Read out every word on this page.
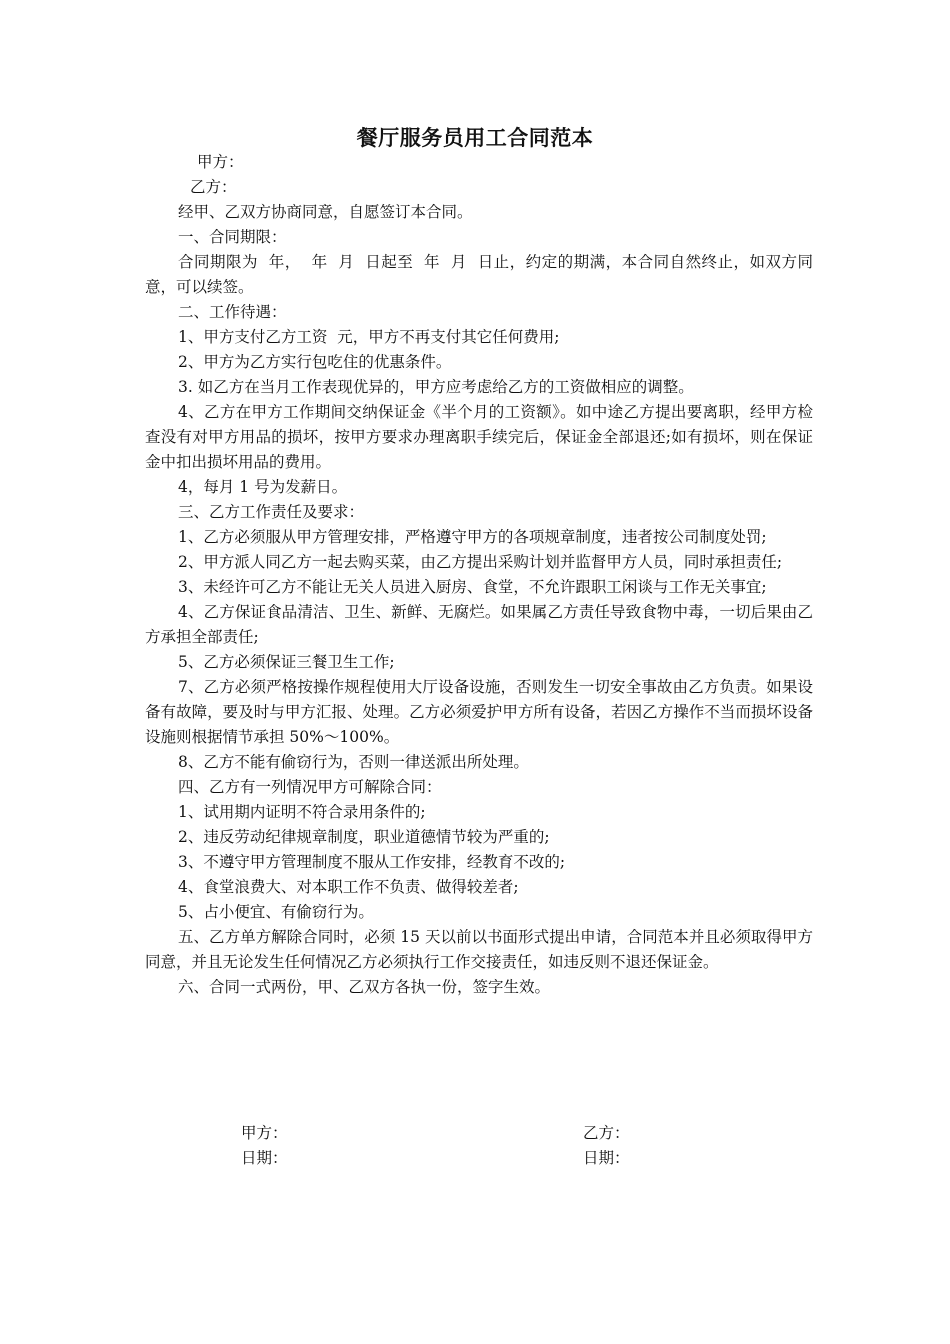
餐厅服务员用工合同范本
甲方：
乙方：

经甲、乙双方协商同意，自愿签订本合同。

一、合同期限：

合同期限为  年，  年  月  日起至  年  月  日止，约定的期满，本合同自然终止，如双方同意，可以续签。

二、工作待遇：

1、甲方支付乙方工资  元，甲方不再支付其它任何费用;

2、甲方为乙方实行包吃住的优惠条件。

3. 如乙方在当月工作表现优异的，甲方应考虑给乙方的工资做相应的调整。

4、乙方在甲方工作期间交纳保证金《半个月的工资额》。如中途乙方提出要离职，经甲方检查没有对甲方用品的损坏，按甲方要求办理离职手续完后，保证金全部退还;如有损坏，则在保证金中扣出损坏用品的费用。

4，每月 1 号为发薪日。

三、乙方工作责任及要求：

1、乙方必须服从甲方管理安排，严格遵守甲方的各项规章制度，违者按公司制度处罚;

2、甲方派人同乙方一起去购买菜，由乙方提出采购计划并监督甲方人员，同时承担责任;

3、未经许可乙方不能让无关人员进入厨房、食堂，不允许跟职工闲谈与工作无关事宜;

4、乙方保证食品清洁、卫生、新鲜、无腐烂。如果属乙方责任导致食物中毒，一切后果由乙方承担全部责任;

5、乙方必须保证三餐卫生工作;

7、乙方必须严格按操作规程使用大厅设备设施，否则发生一切安全事故由乙方负责。如果设备有故障，要及时与甲方汇报、处理。乙方必须爱护甲方所有设备，若因乙方操作不当而损坏设备设施则根据情节承担 50%～100%。

8、乙方不能有偷窃行为，否则一律送派出所处理。

四、乙方有一列情况甲方可解除合同：

1、试用期内证明不符合录用条件的;

2、违反劳动纪律规章制度，职业道德情节较为严重的;

3、不遵守甲方管理制度不服从工作安排，经教育不改的;

4、食堂浪费大、对本职工作不负责、做得较差者;

5、占小便宜、有偷窃行为。

五、乙方单方解除合同时，必须 15 天以前以书面形式提出申请，合同范本并且必须取得甲方同意，并且无论发生任何情况乙方必须执行工作交接责任，如违反则不退还保证金。

六、合同一式两份，甲、乙双方各执一份，签字生效。

甲方：
日期：
乙方：
日期：
